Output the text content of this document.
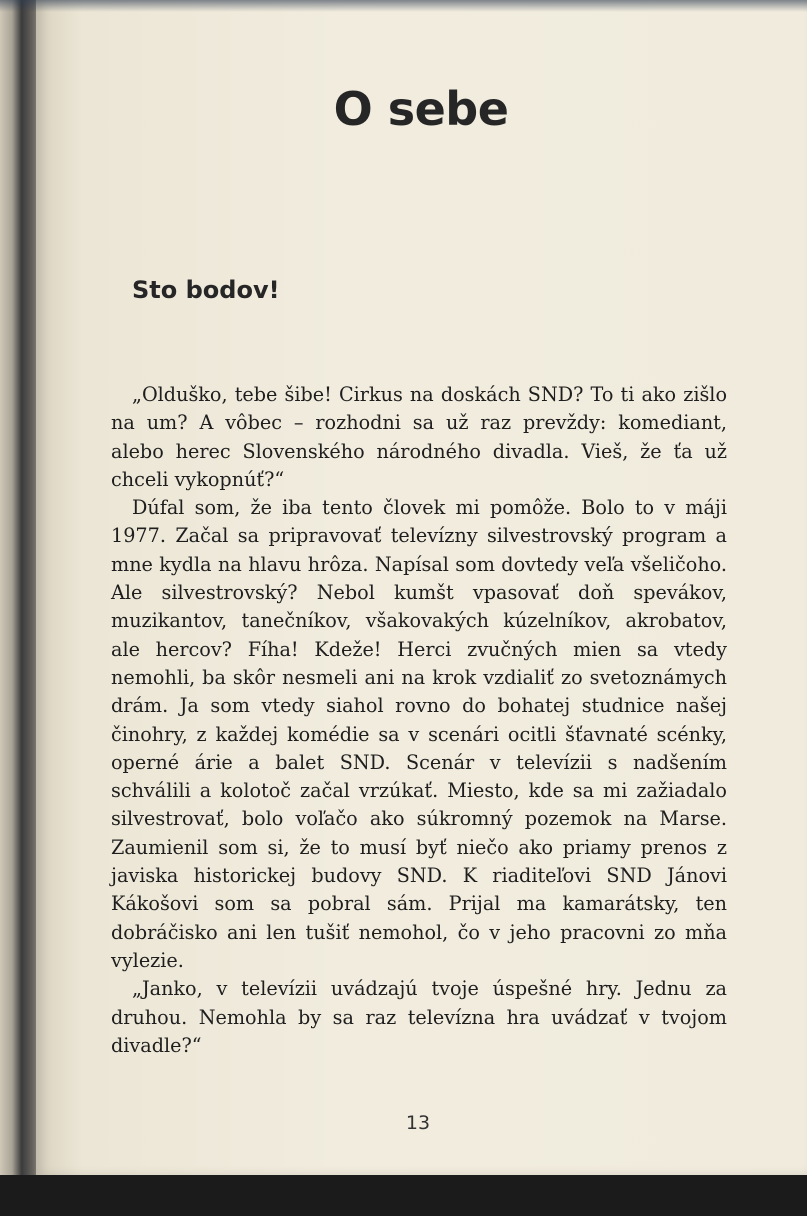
O sebe
Sto bodov!

„Olduško, tebe šibe! Cirkus na doskách SND? To ti ako zišlo na um? A vôbec – rozhodni sa už raz prevždy: komediant, alebo herec Slovenského národného divadla. Vieš, že ťa už chceli vykopnúť?“

Dúfal som, že iba tento človek mi pomôže. Bolo to v máji 1977. Začal sa pripravovať televízny silvestrovský program a mne kydla na hlavu hrôza. Napísal som dovtedy veľa všeličoho. Ale silvestrovský? Nebol kumšt vpasovať doň spevákov, muzikantov, tanečníkov, všakovakých kúzelníkov, akrobatov, ale hercov? Fíha! Kdeže! Herci zvučných mien sa vtedy nemohli, ba skôr nesmeli ani na krok vzdialiť zo svetoznámych drám. Ja som vtedy siahol rovno do bohatej studnice našej činohry, z každej komédie sa v scenári ocitli šťavnaté scénky, operné árie a balet SND. Scenár v televízii s nadšením schválili a kolotoč začal vrzúkať. Miesto, kde sa mi zažiadalo silvestrovať, bolo voľačo ako súkromný pozemok na Marse. Zaumienil som si, že to musí byť niečo ako priamy prenos z javiska historickej budovy SND. K riaditeľovi SND Jánovi Kákošovi som sa pobral sám. Prijal ma kamarátsky, ten dobráčisko ani len tušiť nemohol, čo v jeho pracovni zo mňa vylezie.

„Janko, v televízii uvádzajú tvoje úspešné hry. Jednu za druhou. Nemohla by sa raz televízna hra uvádzať v tvojom divadle?“

13
